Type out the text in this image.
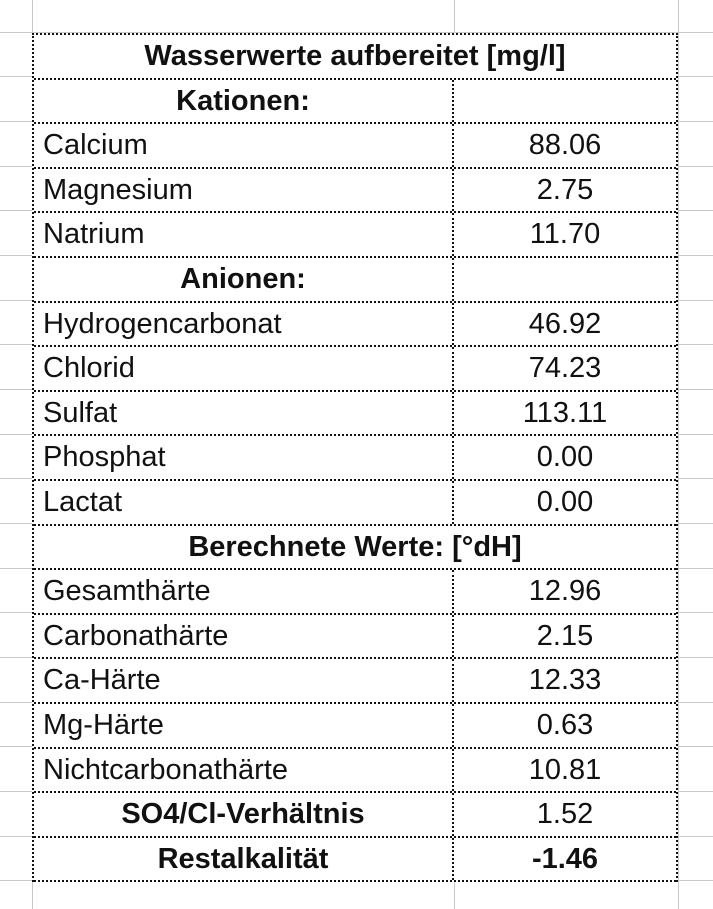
Wasserwerte aufbereitet [mg/l]
Kationen:
Calcium	88.06
Magnesium	2.75
Natrium	11.70
Anionen:
Hydrogencarbonat	46.92
Chlorid	74.23
Sulfat	113.11
Phosphat	0.00
Lactat	0.00
Berechnete Werte: [°dH]
Gesamthärte	12.96
Carbonathärte	2.15
Ca-Härte	12.33
Mg-Härte	0.63
Nichtcarbonathärte	10.81
SO4/Cl-Verhältnis	1.52
Restalkalität	-1.46
